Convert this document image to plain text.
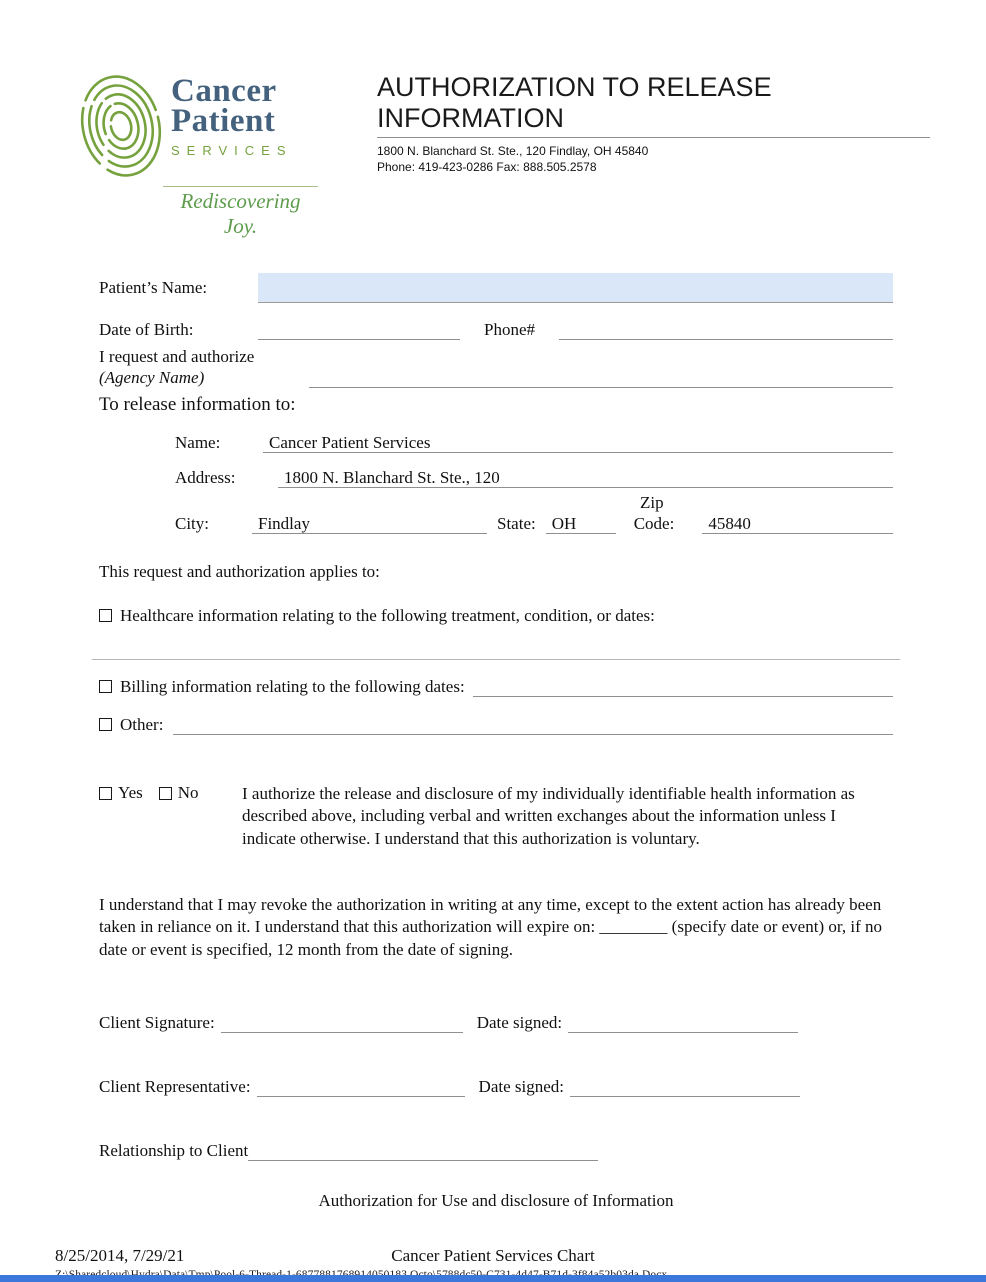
Cancer
Patient
SERVICES
Rediscovering Joy.
AUTHORIZATION TO RELEASE INFORMATION
1800 N. Blanchard St. Ste., 120 Findlay, OH 45840
Phone: 419-423-0286 Fax: 888.505.2578
Patient’s Name:
Date of Birth:	Phone#
I request and authorize
(Agency Name)
To release information to:
Name:	Cancer Patient Services
Address:	1800 N. Blanchard St. Ste., 120
Zip
City:	Findlay	State: OH	Code:	45840
This request and authorization applies to:
Healthcare information relating to the following treatment, condition, or dates:
Billing information relating to the following dates:
Other:
Yes No	I authorize the release and disclosure of my individually identifiable health information as described above, including verbal and written exchanges about the information unless I indicate otherwise. I understand that this authorization is voluntary.
I understand that I may revoke the authorization in writing at any time, except to the extent action has already been taken in reliance on it. I understand that this authorization will expire on: ________ (specify date or event) or, if no date or event is specified, 12 month from the date of signing.
Client Signature:	Date signed:
Client Representative:	Date signed:
Relationship to Client
Authorization for Use and disclosure of Information
8/25/2014, 7/29/21	Cancer Patient Services Chart
